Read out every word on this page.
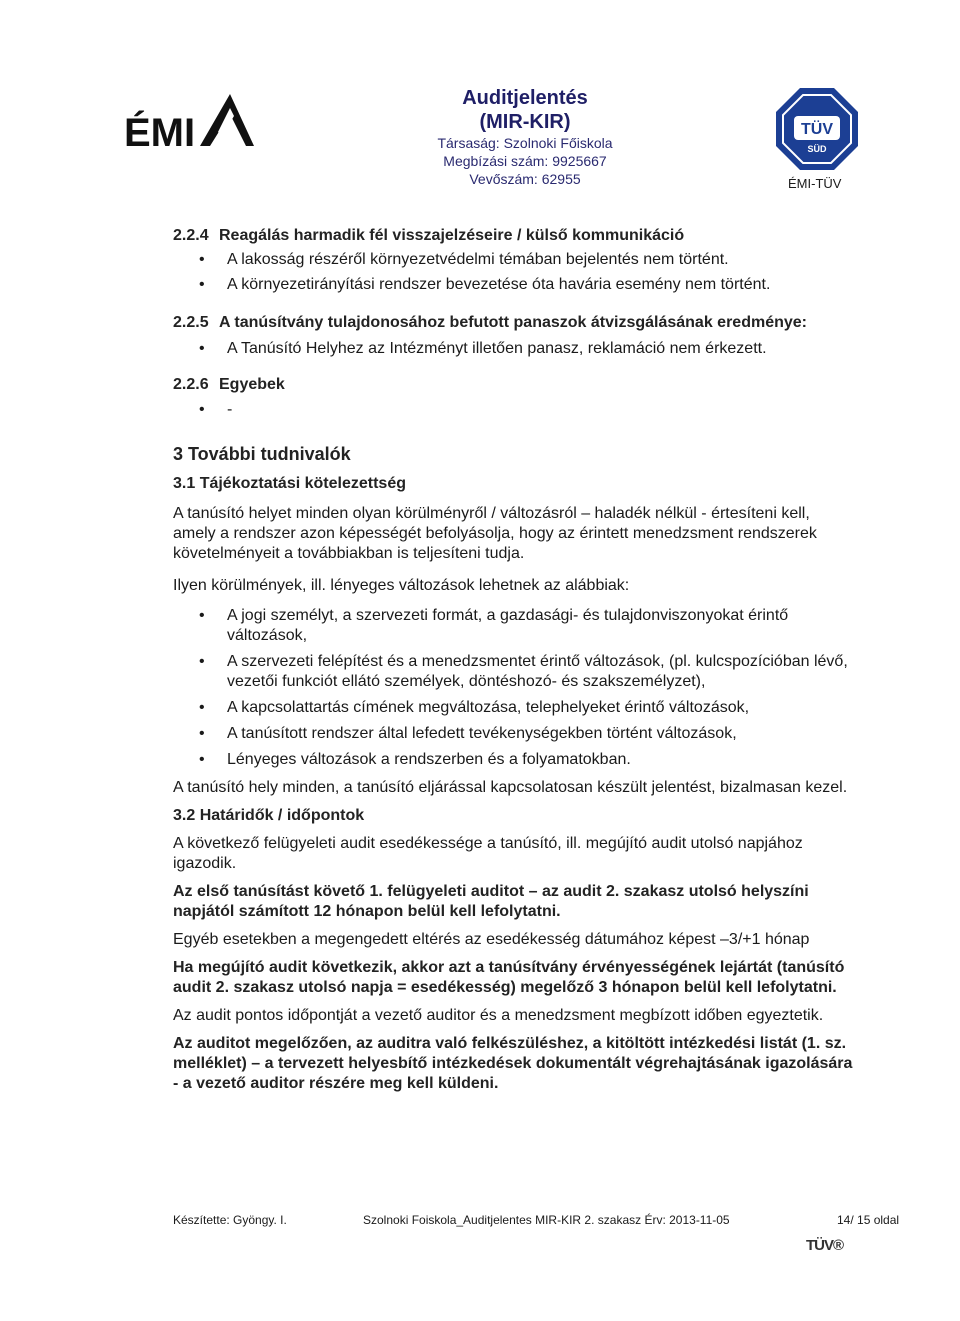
ÉMI
Auditjelentés
(MIR-KIR)
Társaság: Szolnoki Főiskola
Megbízási szám: 9925667
Vevőszám: 62955
TÜV
SÜD
ÉMI-TÜV
2.2.4 Reagálás harmadik fél visszajelzéseire / külső kommunikáció
• A lakosság részéről környezetvédelmi témában bejelentés nem történt.
• A környezetirányítási rendszer bevezetése óta havária esemény nem történt.
2.2.5 A tanúsítvány tulajdonosához befutott panaszok átvizsgálásának eredménye:
• A Tanúsító Helyhez az Intézményt illetően panasz, reklamáció nem érkezett.
2.2.6 Egyebek
• -
3 További tudnivalók
3.1 Tájékoztatási kötelezettség

A tanúsító helyet minden olyan körülményről / változásról – haladék nélkül - értesíteni kell, amely a rendszer azon képességét befolyásolja, hogy az érintett menedzsment rendszerek követelményeit a továbbiakban is teljesíteni tudja.

Ilyen körülmények, ill. lényeges változások lehetnek az alábbiak:

• A jogi személyt, a szervezeti formát, a gazdasági- és tulajdonviszonyokat érintő változások,
• A szervezeti felépítést és a menedzsmentet érintő változások, (pl. kulcspozícióban lévő, vezetői funkciót ellátó személyek, döntéshozó- és szakszemélyzet),
• A kapcsolattartás címének megváltozása, telephelyeket érintő változások,
• A tanúsított rendszer által lefedett tevékenységekben történt változások,
• Lényeges változások a rendszerben és a folyamatokban.

A tanúsító hely minden, a tanúsító eljárással kapcsolatosan készült jelentést, bizalmasan kezel.

3.2 Határidők / időpontok

A következő felügyeleti audit esedékessége a tanúsító, ill. megújító audit utolsó napjához igazodik.

Az első tanúsítást követő 1. felügyeleti auditot – az audit 2. szakasz utolsó helyszíni napjától számított 12 hónapon belül kell lefolytatni.

Egyéb esetekben a megengedett eltérés az esedékesség dátumához képest –3/+1 hónap

Ha megújító audit következik, akkor azt a tanúsítvány érvényességének lejártát (tanúsító audit 2. szakasz utolsó napja = esedékesség) megelőző 3 hónapon belül kell lefolytatni.

Az audit pontos időpontját a vezető auditor és a menedzsment megbízott időben egyeztetik.

Az auditot megelőzően, az auditra való felkészüléshez, a kitöltött intézkedési listát (1. sz. melléklet) – a tervezett helyesbítő intézkedések dokumentált végrehajtásának igazolására - a vezető auditor részére meg kell küldeni.

Készítette: Gyöngy. I.	Szolnoki Foiskola_Auditjelentes MIR-KIR 2. szakasz Érv: 2013-11-05	14/ 15 oldal
TÜV®
